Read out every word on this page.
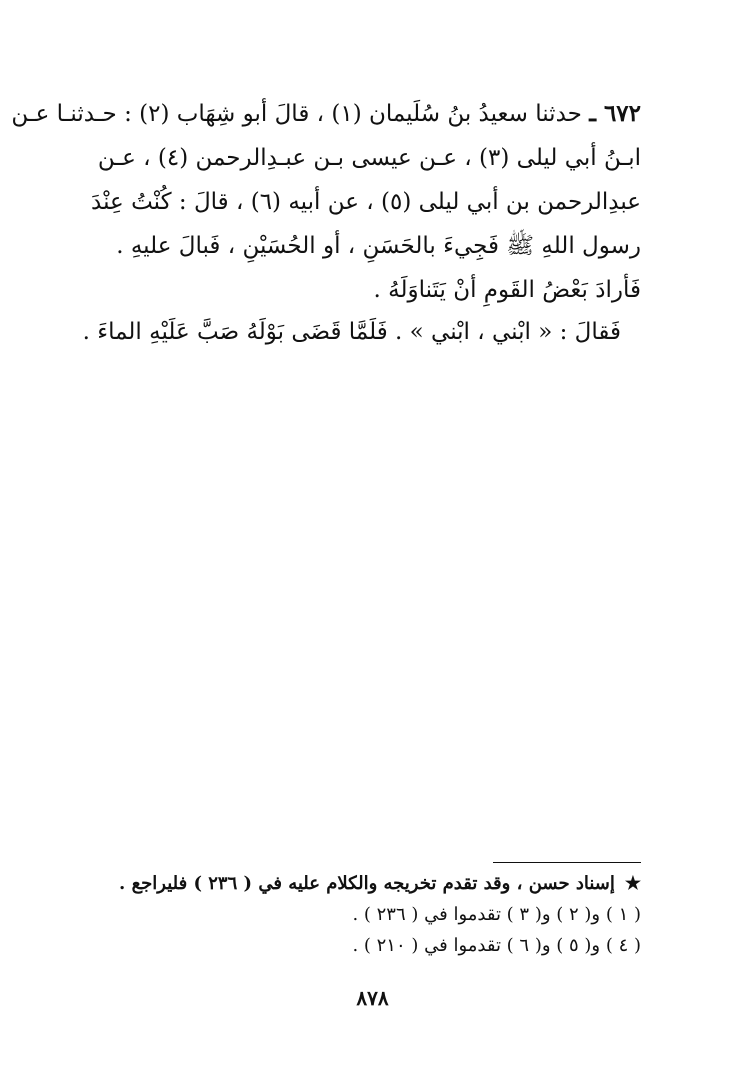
٦٧٢ ـ حدثنا سعيدُ بنُ سُلَيمان (١) ، قالَ أبو شِهَاب (٢) : حـدثنـا عـن
ابـنُ أبي ليلى (٣) ، عـن عيسى بـن عبـدِالرحمن (٤) ، عـن
عبدِالرحمن بن أبي ليلى (٥) ، عن أبيه (٦) ، قالَ : كُنْتُ عِنْدَ
رسول اللهِ ﷺ فَجِيءَ بالحَسَنِ ، أو الحُسَيْنِ ، فَبالَ عليهِ .
فَأرادَ بَعْضُ القَومِ أنْ يَتَناوَلَهُ .
فَقالَ : « ابْني ، ابْني » . فَلَمَّا قَضَى بَوْلَهُ صَبَّ عَلَيْهِ الماءَ .
★إسناد حسن ، وقد تقدم تخريجه والكلام عليه في ( ٢٣٦ ) فليراجع .
( ١ ) و( ٢ ) و( ٣ ) تقدموا في ( ٢٣٦ ) .
( ٤ ) و( ٥ ) و( ٦ ) تقدموا في ( ٢١٠ ) .
٨٧٨
